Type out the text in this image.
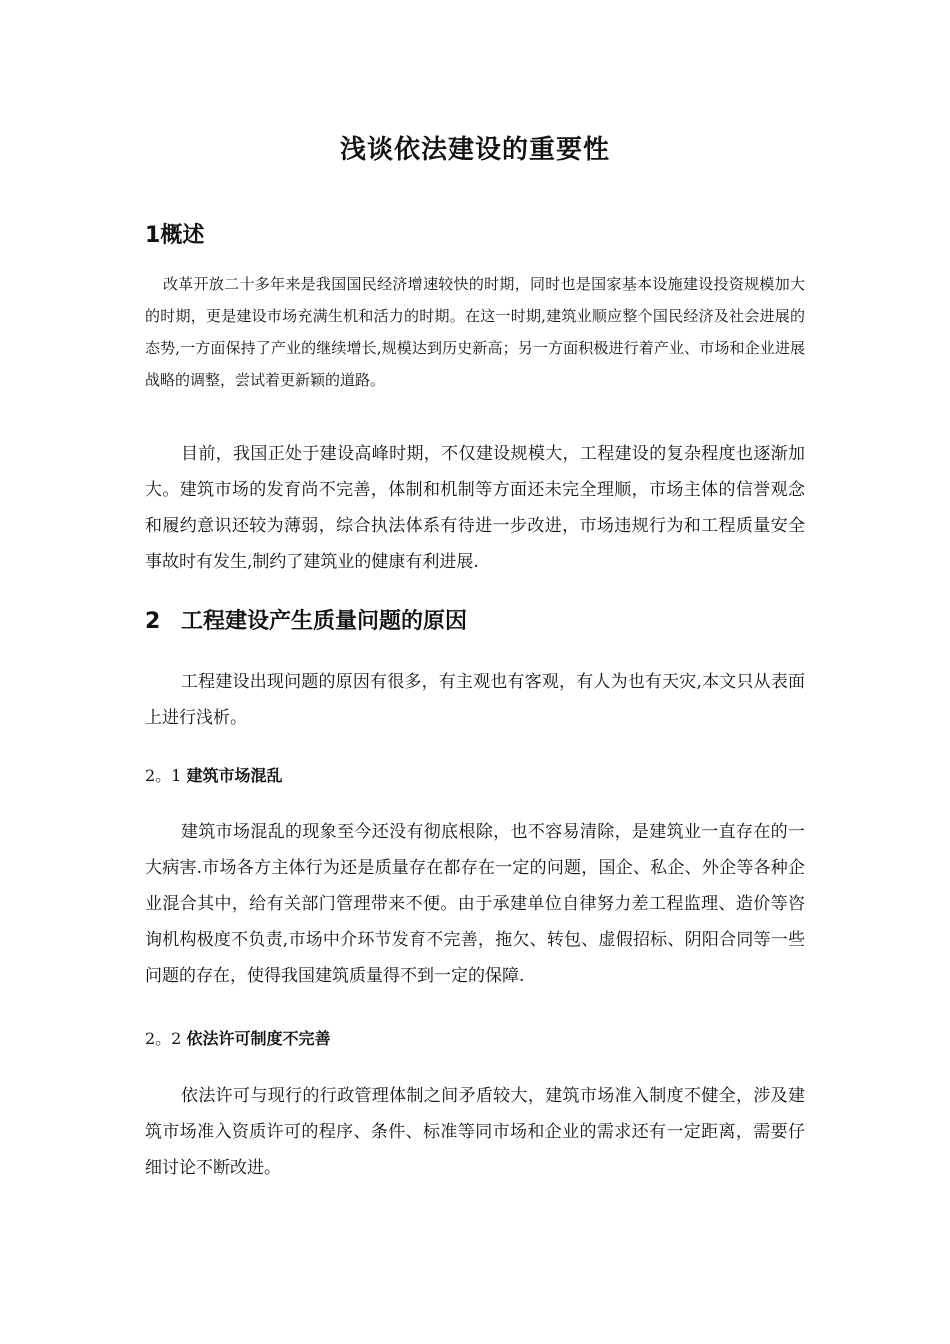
浅谈依法建设的重要性
1概述

改革开放二十多年来是我国国民经济增速较快的时期，同时也是国家基本设施建设投资规模加大的时期，更是建设市场充满生机和活力的时期。在这一时期,建筑业顺应整个国民经济及社会进展的态势,一方面保持了产业的继续增长,规模达到历史新高；另一方面积极进行着产业、市场和企业进展战略的调整，尝试着更新颖的道路。

目前，我国正处于建设高峰时期，不仅建设规模大，工程建设的复杂程度也逐渐加大。建筑市场的发育尚不完善，体制和机制等方面还未完全理顺，市场主体的信誉观念和履约意识还较为薄弱，综合执法体系有待进一步改进，市场违规行为和工程质量安全事故时有发生,制约了建筑业的健康有利进展.

2 工程建设产生质量问题的原因

工程建设出现问题的原因有很多，有主观也有客观，有人为也有天灾,本文只从表面上进行浅析。

2。1 建筑市场混乱

建筑市场混乱的现象至今还没有彻底根除，也不容易清除，是建筑业一直存在的一大病害.市场各方主体行为还是质量存在都存在一定的问题，国企、私企、外企等各种企业混合其中，给有关部门管理带来不便。由于承建单位自律努力差工程监理、造价等咨询机构极度不负责,市场中介环节发育不完善，拖欠、转包、虚假招标、阴阳合同等一些问题的存在，使得我国建筑质量得不到一定的保障.

2。2 依法许可制度不完善

依法许可与现行的行政管理体制之间矛盾较大，建筑市场准入制度不健全，涉及建筑市场准入资质许可的程序、条件、标准等同市场和企业的需求还有一定距离，需要仔细讨论不断改进。
